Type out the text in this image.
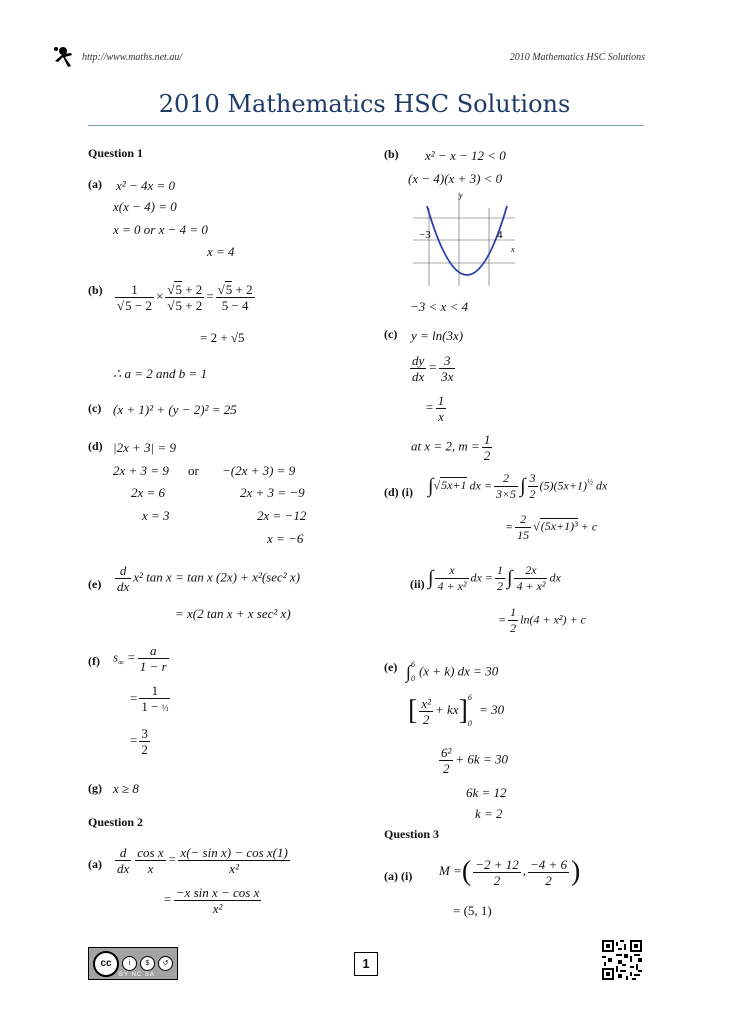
http://www.maths.net.au/	2010 Mathematics HSC Solutions
2010 Mathematics HSC Solutions
Question 1
(a) x² − 4x = 0
x(x − 4) = 0
x = 0 or x − 4 = 0
x = 4
$(b) \frac{1}{√5 - 2} \times \frac{√5 + 2}{√5 + 2} = \frac{√5 + 2}{5 - 4}$
= 2 + √5
∴ a = 2 and b = 1
(c) (x + 1)² + (y − 2)² = 25
(d) |2x + 3| = 9
2x + 3 = 9 or −(2x + 3) = 9
2x = 6	2x + 3 = −9
x = 3	2x = −12
x = −6
$(e) \frac{d}{dx} x^2$ tan x = tan x (2x) + x²(sec² x)
= x(2 tan x + x sec² x)
(f) $s_\infty = \frac{a}{1 - r}$
= $\frac{1}{\text{1 − ⅓}}$
= $\frac{3}{2}$
(g) x ≥ 8
Question 2
$(a) \frac{d}{dx} \frac{\text{cos x}}{x} = \frac{\text{x(− sin x) − cos x(1)}}{\text{x²}}$
= $\frac{\text{−x sin x − cos x}}{\text{x²}}$
(b) x² − x − 12 < 0
(x − 4)(x + 3) < 0
y
x
−3	4
−3 < x < 4
(c) y = ln(3x)
$\frac{dy}{dx} = \frac{3}{3x}$
= $\frac{1}{x}$
at x = 2, $m = \frac{1}{2}$
(d) (i) ∫√5x+1 dx = $\frac{2}{3\times 5}$ ∫ $\frac{3}{2} (5)(5x+1)^{\frac{1}{2}}$ dx
= $\frac{2}{15} √(5x+1)^3 + c$
(ii) ∫ $\frac{x}{\text{4 + x²}}$ dx = $\frac{1}{2}$ ∫ $\frac{2x}{\text{4 + x²}}$ dx
= $\frac{1}{2} \ln(4 + x^2) + c$
(e) ∫$^6_0$(x + k) dx = 30
[ $\frac{\text{x²}}{2} + kx]^6_0 = 30$
$\frac{\text{6²}}{2} + 6k = 30$
6k = 12
k = 2
Question 3
(a) (i) M =( $\frac{-2 + 12}{2}$ , $\frac{-4 + 6}{2}$ )
= (5, 1)
cc	i	$	↺
BY NC SA
1
